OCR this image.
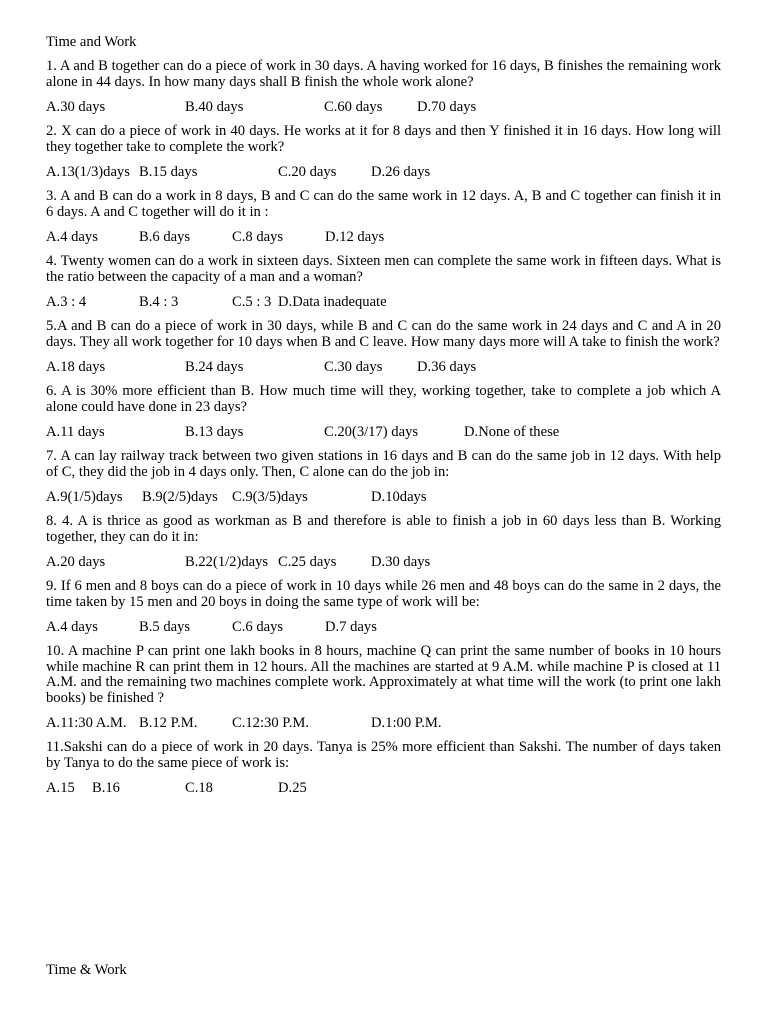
Time and Work
1. A and B together can do a piece of work in 30 days. A having worked for 16 days, B finishes the remaining work alone in 44 days. In how many days shall B finish the whole work alone?
A.30 days	B.40 days	C.60 days D.70 days
2. X can do a piece of work in 40 days. He works at it for 8 days and then Y finished it in 16 days. How long will they together take to complete the work?
A.13(1/3)days B.15 days	C.20 days D.26 days
3. A and B can do a work in 8 days, B and C can do the same work in 12 days. A, B and C together can finish it in 6 days. A and C together will do it in :
A.4 days	B.6 days	C.8 days	D.12 days
4. Twenty women can do a work in sixteen days. Sixteen men can complete the same work in fifteen days. What is the ratio between the capacity of a man and a woman?
A.3 : 4	B.4 : 3	C.5 : 3 D.Data inadequate
5.A and B can do a piece of work in 30 days, while B and C can do the same work in 24 days and C and A in 20 days. They all work together for 10 days when B and C leave. How many days more will A take to finish the work?
A.18 days	B.24 days	C.30 days D.36 days
6. A is 30% more efficient than B. How much time will they, working together, take to complete a job which A alone could have done in 23 days?
A.11 days	B.13 days	C.20(3/17) days	D.None of these
7. A can lay railway track between two given stations in 16 days and B can do the same job in 12 days. With help of C, they did the job in 4 days only. Then, C alone can do the job in:
A.9(1/5)days B.9(2/5)days C.9(3/5)days	D.10days
8. 4. A is thrice as good as workman as B and therefore is able to finish a job in 60 days less than B. Working together, they can do it in:
A.20 days	B.22(1/2)days C.25 days D.30 days
9. If 6 men and 8 boys can do a piece of work in 10 days while 26 men and 48 boys can do the same in 2 days, the time taken by 15 men and 20 boys in doing the same type of work will be:
A.4 days	B.5 days	C.6 days	D.7 days
10. A machine P can print one lakh books in 8 hours, machine Q can print the same number of books in 10 hours while machine R can print them in 12 hours. All the machines are started at 9 A.M. while machine P is closed at 11 A.M. and the remaining two machines complete work. Approximately at what time will the work (to print one lakh books) be finished ?
A.11:30 A.M. B.12 P.M. C.12:30 P.M.	D.1:00 P.M.
11.Sakshi can do a piece of work in 20 days. Tanya is 25% more efficient than Sakshi. The number of days taken by Tanya to do the same piece of work is:
A.15 B.16	C.18	D.25
Time & Work
